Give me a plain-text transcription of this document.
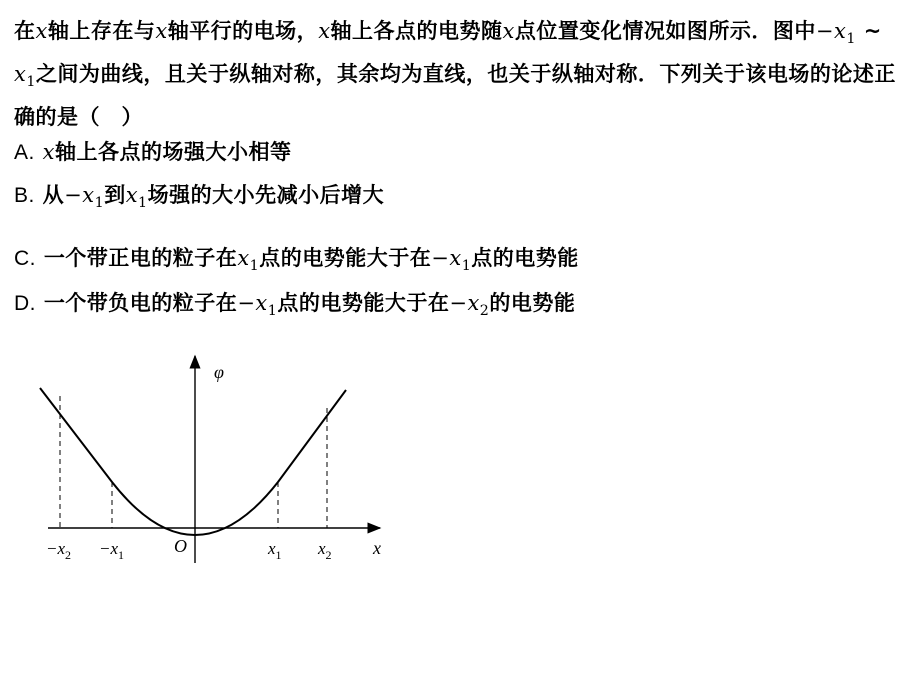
在x轴上存在与x轴平行的电场，x轴上各点的电势随x点位置变化情况如图所示．图中$-x_1$ ~ $x_1$之间为曲线，且关于纵轴对称，其余均为直线，也关于纵轴对称．下列关于该电场的论述正确的是（　）

A. x轴上各点的场强大小相等
B. 从$-x_1$到$x_1$场强的大小先减小后增大
C. 一个带正电的粒子在$x_1$点的电势能大于在$-x_1$点的电势能
D. 一个带负电的粒子在$-x_1$点的电势能大于在$-x_2$的电势能
φ
x
O
$-x_2 -x_1$	$x_1$ $x_2$
